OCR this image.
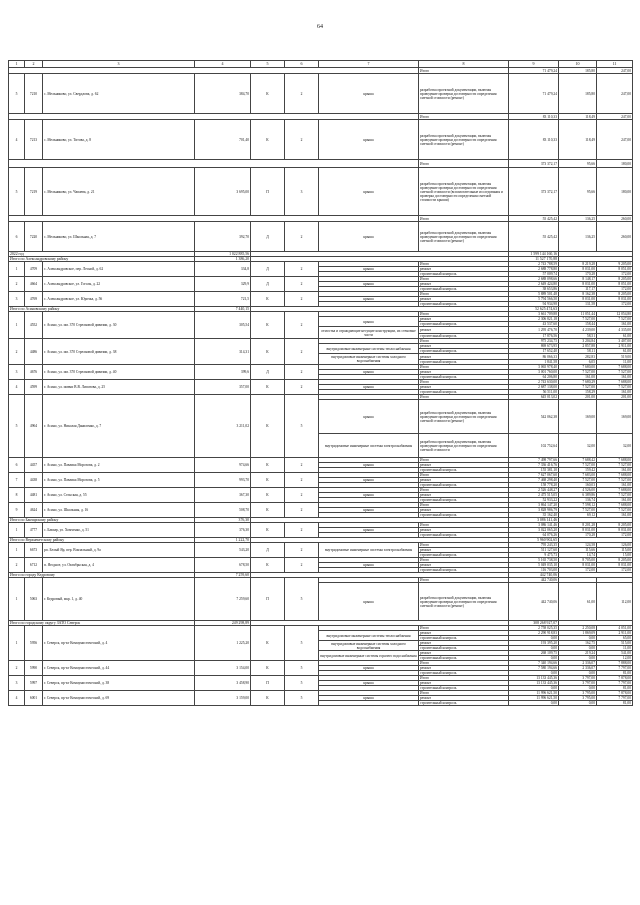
64
1	2	3	4	5	6	7	8	9	10	11
							Итого	71 479,24	185,80	247,00
5	7210	с. Мельниково, ул. Свердлова, д. 62	384,70	К	2	крыша	разработка проектной документации, включая проведение проверки достоверности определения сметной стоимости (ремонт)	71 479,24	185,80	247,00
							Итого	83 110,33	118,49	247,00
4	7213	с. Мельниково, ул. Титова, д. 8	701,40	К	2	крыша	разработка проектной документации, включая проведение проверки достоверности определения сметной стоимости (ремонт)	83 110,33	118,49	247,00
							Итого	373 372,17	95,66	180,00
5	7219	с. Мельниково, ул. Чапаева, д. 21	3 695,00	П	3	крыша	разработка проектной документации, включая проведение проверки достоверности определения сметной стоимости (вспомогательные исследования и проверка достоверности определения сметной стоимости крыши)	373 372,17	95,66	180,00
							Итого	55 425,42	136,25	260,00
6	7220	с. Мельниково, ул. Школьная, д. 7	392,70	Д	2	крыша	разработка проектной документации, включая проведение проверки достоверности определения сметной стоимости (ремонт)	55 425,42	136,25	260,00
2022 год			1 022 885,56					1 599 144 160,16		
Итого по Александровскому району			1 386,20					11 527 170,88		
1	4709	с. Александровское, пер. Лесной, д. 62	334,8	Д	2		Итого	2 743 788,59	8 219,28	9 205,00
						крыша	ремонт	2 688 778,80	8 031,00	8 051,00
							строительный контроль	57 009,74	170,28	172,00
2	4664	с. Александровское, ул. Гоголя, д. 22	329,9	Д	2		Итого	2 688 098,66	8 148,17	8 205,00
						крыша	ремонт	2 649 424,80	8 031,00	8 051,00
							строительный контроль	38 653,86	117,17	172,00
3	4769	с. Александровское, ул. Юрочка, д. 56	721,5	К	2		Итого	5 889 501,48	8 162,38	8 205,00
						крыша	ремонт	5 794 566,50	8 031,00	8 031,00
							строительный контроль	94 934,98	131,58	172,00
Итого по Асиновскому району			7 440,15					52 625 474,63		
1	4552	г. Асино, ул. им. 370 Стрелковой дивизии, д. 30	305,54	К	2		Итого	3 661 709,88	11 051,44	12 054,80
						крыша	ремонт	2 306 821,18	7 527,00	7 527,00
							строительный контроль	43 537,60	158,44	161,00
						отмостка и ограждающие несущие конструкции, их стеновые части	ремонт	1 295 476,70	4 239,00	4 335,00
							строительный контроль	17 876,56	58,51	61,00
2	4486	г. Асино, ул. им. 370 Стрелковой дивизии, д. 38	314,31	К	2		Итого	975 234,75	3 204,84	3 407,00
						внутридомовые инженерные системы теплоснабжения	ремонт	869 673,95	2 857,88	2 911,00
							строительный контроль	17 652,40	58,11	61,00
						внутридомовые инженерные системы холодного водоснабжения	ремонт	86 066,33	282,83	519,00
							строительный контроль	1 841,58	6,05	11,00
3	4676	г. Асино, ул. им. 370 Стрелковой дивизии, д. 40	399,6	Д	2		Итого	3 065 978,40	7 680,00	7 688,00
						крыша	ремонт	3 001 760,00	7 527,00	7 527,00
							строительный контроль	64 206,80	161,00	161,00
4	4599	г. Асино, ул. имени В.В. Липатова, д. 25	357,00	К	2		Итого	2 743 630,00	7 680,29	7 688,00
						крыша	ремонт	2 687 138,00	7 527,00	7 527,00
							строительный контроль	56 511,00	158,29	161,00
5	4964	г. Асино, ул. Николая Даниленко, д. 7	3 211,02	К	5		Итого	645 013,02	201,00	201,00
						крыша	разработка проектной документации, включая проведение проверки достоверности определения сметной стоимости (ремонт)	542 062,38	169,00	169,00
						внутридомовые инженерные системы электроснабжения	разработка проектной документации, включая проведение проверки достоверности определения сметной стоимости	102 752,64	32,00	32,00
6	4457	г. Асино, ул. Павлика Морозова, д. 2	974,66	К	2		Итого	7 498 797,66	7 688,42	7 688,00
						крыша	ремонт	7 336 416,76	7 527,00	7 527,00
							строительный контроль	155 381,10	159,42	161,00
7	4438	г. Асино, ул. Павлика Морозова, д. 5	993,70	К	2		Итого	7 627 067,60	7 683,00	7 688,00
						крыша	ремонт	7 468 298,40	7 527,00	7 527,00
							строительный контроль	158 778,20	160,03	161,00
8	4481	г. Асино, ул. Сельская, д. 55	367,30	К	2		Итого	2 526 448,27	4 526,00	7 688,00
						крыша	ремонт	2 475 515,05	6 389,86	7 527,00
							строительный контроль	52 933,22	136,74	161,00
9	4624	г. Асино, ул. Школьная, д. 16	508,70	К	2		Итого	3 864 147,20	7 598,12	7 688,00
						крыша	ремонт	3 828 986,79	7 527,00	7 527,00
							строительный контроль	35 162,40	69,12	161,00
Итого по Бакчарскому району			376,30					3 086 141,46		
1	4777	с. Бакчар, ул. Хомченко, д. 51	376,30	К	2		Итого	3 086 141,46	8 201,28	8 205,00
						крыша	ремонт	3 022 065,20	8 031,00	8 031,00
							строительный контроль	64 076,26	170,28	172,00
Итого по Верхнекетскому району			1 222,70					5 960 902,65		
1	6673	рп. Белый Яр, пер. Вокзальный, д. 9а	543,20	Д	2	внутридомовые инженерные системы электроснабжения	Итого	795 243,35	124,58	126,00
							ремонт	511 127,60	115,66	115,00
							строительный контроль	9 475,73	14,74	15,00
2	6712	п. Ягодное, ул. Октябрьская, д. 4	678,50	К	2		Итого	5 165 738,50	8 705,00	8 205,00
						крыша	ремонт	5 049 035,10	8 031,00	8 031,00
							строительный контроль	116 703,00	172,00	172,00
Итого по городу Кедровому			7 259,60					442 740,06		
1	5063	г. Кедровый, мкр. 1, д. 40	7 259,60	П	5		Итого	442 740,06		
						крыша	разработка проектной документации, включая проведение проверки достоверности определения сметной стоимости (ремонт)	442 740,06	61,00	112,00
Итого по городскому округу ЗАТО Северск			249 298,89					308 268 927,07		
1	5956	г. Северск, пр-кт Коммунистический, д. 4	1 225,20	К	5		Итого	2 758 025,35	2 250,08	4 051,00
						внутридомовые инженерные системы теплоснабжения	ремонт	2 290 918,83	1 869,09	2 911,00
							строительный контроль	0,00	0,00	65,00
						внутридомовые инженерные системы холодного водоснабжения	ремонт	193 395,20	162,75	515,00
							строительный контроль	0,00	0,00	11,00
						внутридомовые инженерные системы горячего водоснабжения	ремонт	268 109,75	219,24	541,00
							строительный контроль	0,00	0,00	12,00
2	5990	г. Северск, пр-кт Коммунистический, д. 44	3 154,00	К	5		Итого	7 340 194,66	2 336,07	7 888,00
						крыша	ремонт	7 580 194,66	2 336,07	7 797,00
							строительный контроль	0,00	0,00	81,00
3	5997	г. Северск, пр-кт Коммунистический, д. 38	3 458,90	П	5		Итого	13 133 445,36	3 797,00	7 878,00
						крыша	ремонт	13 133 445,36	3 797,00	7 797,00
							строительный контроль	0,00	0,00	81,00
4	6001	г. Северск, пр-кт Коммунистический, д. 69	3 159,00	К	5		Итого	11 996 621,50	3 795,00	7 878,00
						крыша	ремонт	11 996 621,50	3 795,00	7 797,00
							строительный контроль	0,00	0,00	81,00
